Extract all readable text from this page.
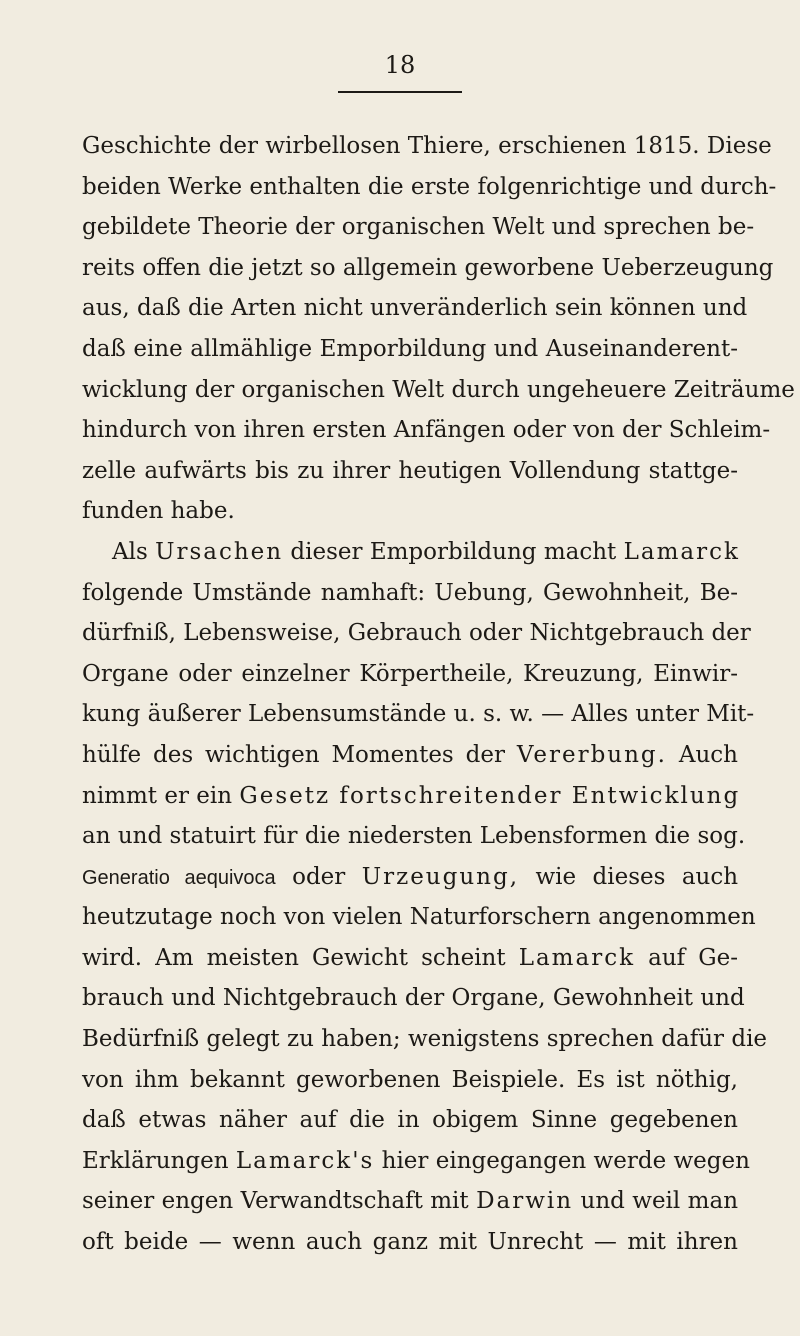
18
Geschichte der wirbellosen Thiere, erschienen 1815. Diese
beiden Werke enthalten die erste folgenrichtige und durch-
gebildete Theorie der organischen Welt und sprechen be-
reits offen die jetzt so allgemein geworbene Ueberzeugung
aus, daß die Arten nicht unveränderlich sein können und
daß eine allmählige Emporbildung und Auseinanderent-
wicklung der organischen Welt durch ungeheuere Zeiträume
hindurch von ihren ersten Anfängen oder von der Schleim-
zelle aufwärts bis zu ihrer heutigen Vollendung stattge-
funden habe.
Als Ursachen dieser Emporbildung macht Lamarck
folgende Umstände namhaft: Uebung, Gewohnheit, Be-
dürfniß, Lebensweise, Gebrauch oder Nichtgebrauch der
Organe oder einzelner Körpertheile, Kreuzung, Einwir-
kung äußerer Lebensumstände u. s. w. — Alles unter Mit-
hülfe des wichtigen Momentes der Vererbung. Auch
nimmt er ein Gesetz fortschreitender Entwicklung
an und statuirt für die niedersten Lebensformen die sog.
Generatio aequivoca oder Urzeugung, wie dieses auch
heutzutage noch von vielen Naturforschern angenommen
wird. Am meisten Gewicht scheint Lamarck auf Ge-
brauch und Nichtgebrauch der Organe, Gewohnheit und
Bedürfniß gelegt zu haben; wenigstens sprechen dafür die
von ihm bekannt geworbenen Beispiele. Es ist nöthig,
daß etwas näher auf die in obigem Sinne gegebenen
Erklärungen Lamarck's hier eingegangen werde wegen
seiner engen Verwandtschaft mit Darwin und weil man
oft beide — wenn auch ganz mit Unrecht — mit ihren
